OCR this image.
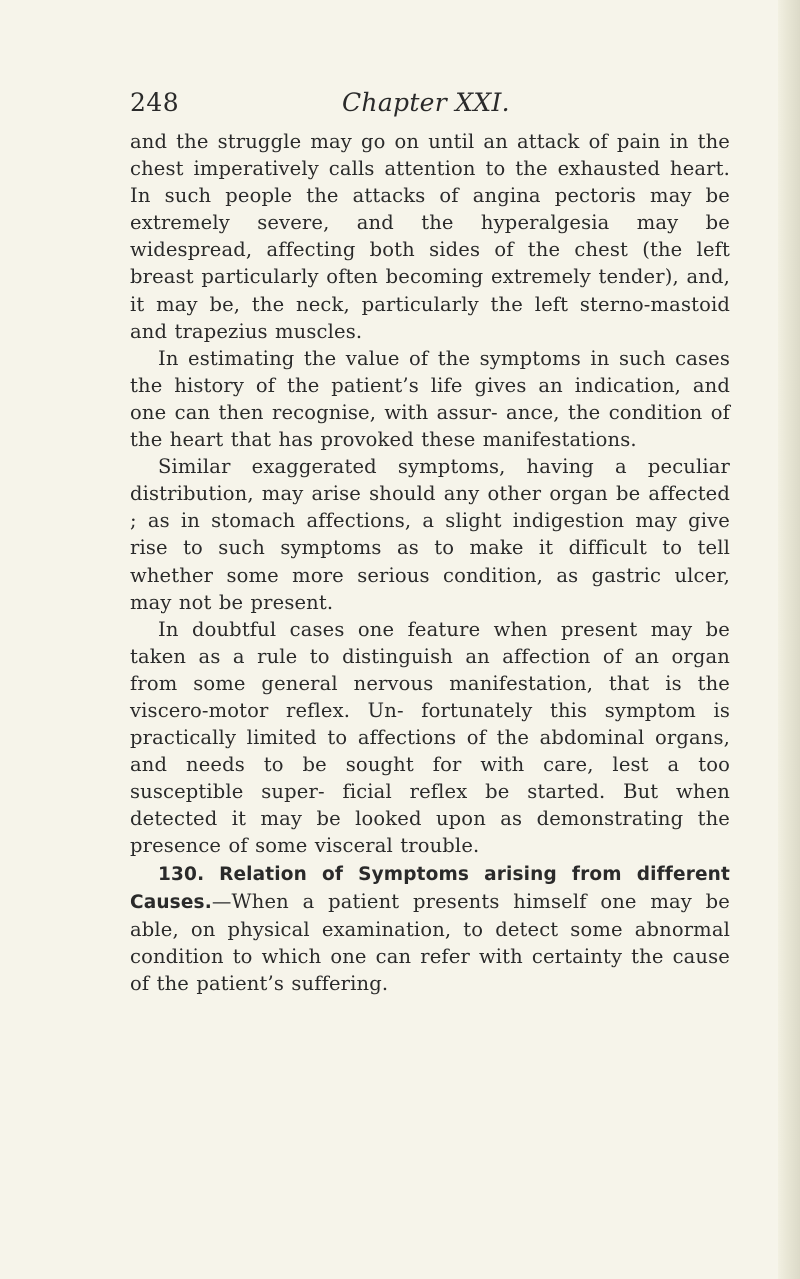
248	Chapter XXI.

and the struggle may go on until an attack of pain in the chest imperatively calls attention to the exhausted heart. In such people the attacks of angina pectoris may be extremely severe, and the hyperalgesia may be widespread, affecting both sides of the chest (the left breast particularly often becoming extremely tender), and, it may be, the neck, particularly the left sterno-mastoid and trapezius muscles.

In estimating the value of the symptoms in such cases the history of the patient’s life gives an indication, and one can then recognise, with assur- ance, the condition of the heart that has provoked these manifestations.

Similar exaggerated symptoms, having a peculiar distribution, may arise should any other organ be affected ; as in stomach affections, a slight indigestion may give rise to such symptoms as to make it difficult to tell whether some more serious condition, as gastric ulcer, may not be present.

In doubtful cases one feature when present may be taken as a rule to distinguish an affection of an organ from some general nervous manifestation, that is the viscero-motor reflex. Un- fortunately this symptom is practically limited to affections of the abdominal organs, and needs to be sought for with care, lest a too susceptible super- ficial reflex be started. But when detected it may be looked upon as demonstrating the presence of some visceral trouble.

130. Relation of Symptoms arising from different Causes.—When a patient presents himself one may be able, on physical examination, to detect some abnormal condition to which one can refer with certainty the cause of the patient’s suffering.
